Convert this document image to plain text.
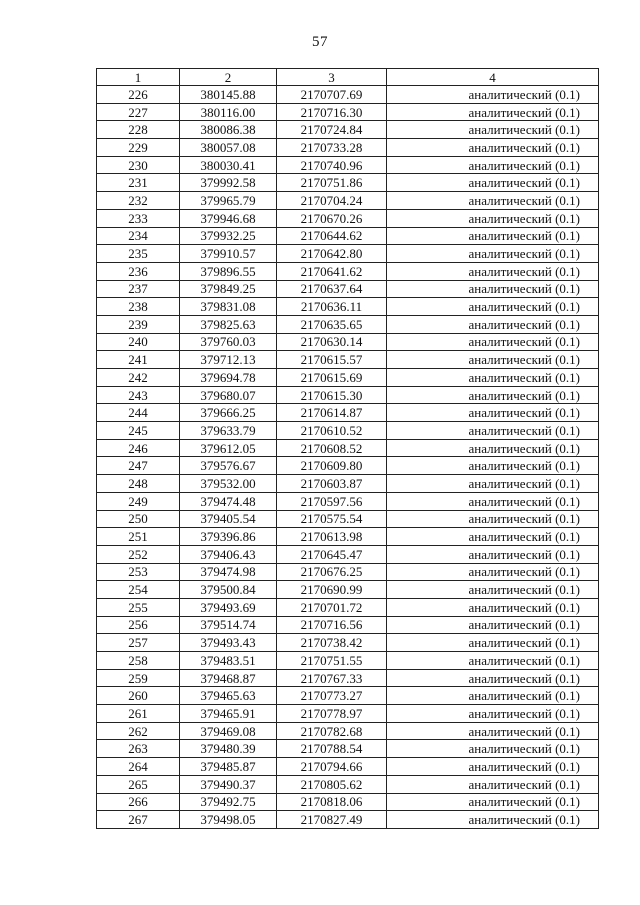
57
1	2	3	4
226	380145.88	2170707.69	аналитический (0.1)
227	380116.00	2170716.30	аналитический (0.1)
228	380086.38	2170724.84	аналитический (0.1)
229	380057.08	2170733.28	аналитический (0.1)
230	380030.41	2170740.96	аналитический (0.1)
231	379992.58	2170751.86	аналитический (0.1)
232	379965.79	2170704.24	аналитический (0.1)
233	379946.68	2170670.26	аналитический (0.1)
234	379932.25	2170644.62	аналитический (0.1)
235	379910.57	2170642.80	аналитический (0.1)
236	379896.55	2170641.62	аналитический (0.1)
237	379849.25	2170637.64	аналитический (0.1)
238	379831.08	2170636.11	аналитический (0.1)
239	379825.63	2170635.65	аналитический (0.1)
240	379760.03	2170630.14	аналитический (0.1)
241	379712.13	2170615.57	аналитический (0.1)
242	379694.78	2170615.69	аналитический (0.1)
243	379680.07	2170615.30	аналитический (0.1)
244	379666.25	2170614.87	аналитический (0.1)
245	379633.79	2170610.52	аналитический (0.1)
246	379612.05	2170608.52	аналитический (0.1)
247	379576.67	2170609.80	аналитический (0.1)
248	379532.00	2170603.87	аналитический (0.1)
249	379474.48	2170597.56	аналитический (0.1)
250	379405.54	2170575.54	аналитический (0.1)
251	379396.86	2170613.98	аналитический (0.1)
252	379406.43	2170645.47	аналитический (0.1)
253	379474.98	2170676.25	аналитический (0.1)
254	379500.84	2170690.99	аналитический (0.1)
255	379493.69	2170701.72	аналитический (0.1)
256	379514.74	2170716.56	аналитический (0.1)
257	379493.43	2170738.42	аналитический (0.1)
258	379483.51	2170751.55	аналитический (0.1)
259	379468.87	2170767.33	аналитический (0.1)
260	379465.63	2170773.27	аналитический (0.1)
261	379465.91	2170778.97	аналитический (0.1)
262	379469.08	2170782.68	аналитический (0.1)
263	379480.39	2170788.54	аналитический (0.1)
264	379485.87	2170794.66	аналитический (0.1)
265	379490.37	2170805.62	аналитический (0.1)
266	379492.75	2170818.06	аналитический (0.1)
267	379498.05	2170827.49	аналитический (0.1)
